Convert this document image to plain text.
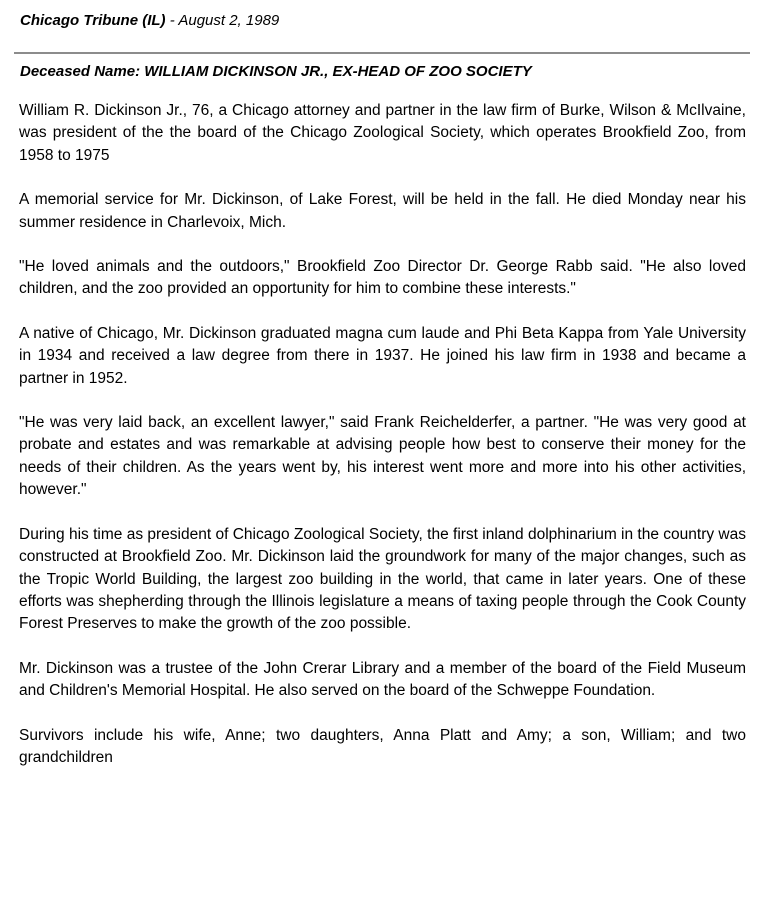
Chicago Tribune (IL) - August 2, 1989
Deceased Name: WILLIAM DICKINSON JR., EX-HEAD OF ZOO SOCIETY

William R. Dickinson Jr., 76, a Chicago attorney and partner in the law firm of Burke, Wilson & McIlvaine, was president of the the board of the Chicago Zoological Society, which operates Brookfield Zoo, from 1958 to 1975

A memorial service for Mr. Dickinson, of Lake Forest, will be held in the fall. He died Monday near his summer residence in Charlevoix, Mich.

"He loved animals and the outdoors," Brookfield Zoo Director Dr. George Rabb said. "He also loved children, and the zoo provided an opportunity for him to combine these interests."

A native of Chicago, Mr. Dickinson graduated magna cum laude and Phi Beta Kappa from Yale University in 1934 and received a law degree from there in 1937. He joined his law firm in 1938 and became a partner in 1952.

"He was very laid back, an excellent lawyer," said Frank Reichelderfer, a partner. "He was very good at probate and estates and was remarkable at advising people how best to conserve their money for the needs of their children. As the years went by, his interest went more and more into his other activities, however."

During his time as president of Chicago Zoological Society, the first inland dolphinarium in the country was constructed at Brookfield Zoo. Mr. Dickinson laid the groundwork for many of the major changes, such as the Tropic World Building, the largest zoo building in the world, that came in later years. One of these efforts was shepherding through the Illinois legislature a means of taxing people through the Cook County Forest Preserves to make the growth of the zoo possible.

Mr. Dickinson was a trustee of the John Crerar Library and a member of the board of the Field Museum and Children's Memorial Hospital. He also served on the board of the Schweppe Foundation.

Survivors include his wife, Anne; two daughters, Anna Platt and Amy; a son, William; and two grandchildren
